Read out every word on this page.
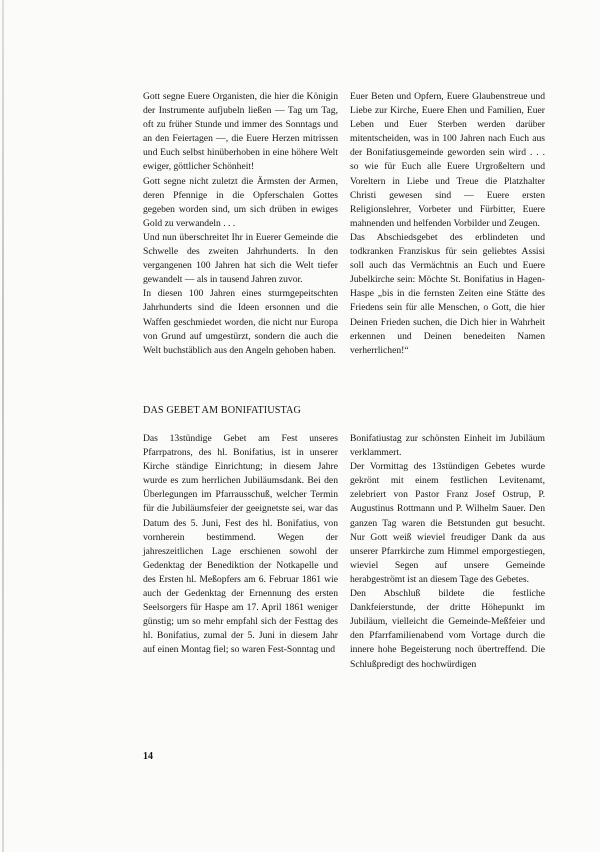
Gott segne Euere Organisten, die hier die Königin der Instrumente aufjubeln ließen — Tag um Tag, oft zu früher Stunde und immer des Sonntags und an den Feiertagen —, die Euere Herzen mitrissen und Euch selbst hinüberhoben in eine höhere Welt ewiger, göttlicher Schönheit!

Gott segne nicht zuletzt die Ärmsten der Armen, deren Pfennige in die Opferschalen Gottes gegeben worden sind, um sich drüben in ewiges Gold zu verwandeln . . .

Und nun überschreitet Ihr in Euerer Gemeinde die Schwelle des zweiten Jahrhunderts. In den vergangenen 100 Jahren hat sich die Welt tiefer gewandelt — als in tausend Jahren zuvor.

In diesen 100 Jahren eines sturmgepeitschten Jahrhunderts sind die Ideen ersonnen und die Waffen geschmiedet worden, die nicht nur Europa von Grund auf umgestürzt, sondern die auch die Welt buchstäblich aus den Angeln gehoben haben.

Euer Beten und Opfern, Euere Glaubenstreue und Liebe zur Kirche, Euere Ehen und Familien, Euer Leben und Euer Sterben werden darüber mitentscheiden, was in 100 Jahren nach Euch aus der Bonifatiusgemeinde geworden sein wird . . . so wie für Euch alle Euere Urgroßeltern und Voreltern in Liebe und Treue die Platzhalter Christi gewesen sind — Euere ersten Religionslehrer, Vorbeter und Fürbitter, Euere mahnenden und helfenden Vorbilder und Zeugen.

Das Abschiedsgebet des erblindeten und todkranken Franziskus für sein geliebtes Assisi soll auch das Vermächtnis an Euch und Euere Jubelkirche sein: Möchte St. Bonifatius in Hagen-Haspe „bis in die fernsten Zeiten eine Stätte des Friedens sein für alle Menschen, o Gott, die hier Deinen Frieden suchen, die Dich hier in Wahrheit erkennen und Deinen benedeiten Namen verherrlichen!“

DAS GEBET AM BONIFATIUSTAG

Das 13stündige Gebet am Fest unseres Pfarrpatrons, des hl. Bonifatius, ist in unserer Kirche ständige Einrichtung; in diesem Jahre wurde es zum herrlichen Jubiläumsdank. Bei den Überlegungen im Pfarrausschuß, welcher Termin für die Jubiläumsfeier der geeignetste sei, war das Datum des 5. Juni, Fest des hl. Bonifatius, von vornherein bestimmend. Wegen der jahreszeitlichen Lage erschienen sowohl der Gedenktag der Benediktion der Notkapelle und des Ersten hl. Meßopfers am 6. Februar 1861 wie auch der Gedenktag der Ernennung des ersten Seelsorgers für Haspe am 17. April 1861 weniger günstig; um so mehr empfahl sich der Festtag des hl. Bonifatius, zumal der 5. Juni in diesem Jahr auf einen Montag fiel; so waren Fest-Sonntag und

Bonifatiustag zur schönsten Einheit im Jubiläum verklammert.

Der Vormittag des 13stündigen Gebetes wurde gekrönt mit einem festlichen Levitenamt, zelebriert von Pastor Franz Josef Ostrup, P. Augustinus Rottmann und P. Wilhelm Sauer. Den ganzen Tag waren die Betstunden gut besucht. Nur Gott weiß wieviel freudiger Dank da aus unserer Pfarrkirche zum Himmel emporgestiegen, wieviel Segen auf unsere Gemeinde herabgeströmt ist an diesem Tage des Gebetes.

Den Abschluß bildete die festliche Dankfeierstunde, der dritte Höhepunkt im Jubiläum, vielleicht die Gemeinde-Meßfeier und den Pfarrfamilienabend vom Vortage durch die innere hohe Begeisterung noch übertreffend. Die Schlußpredigt des hochwürdigen

14
